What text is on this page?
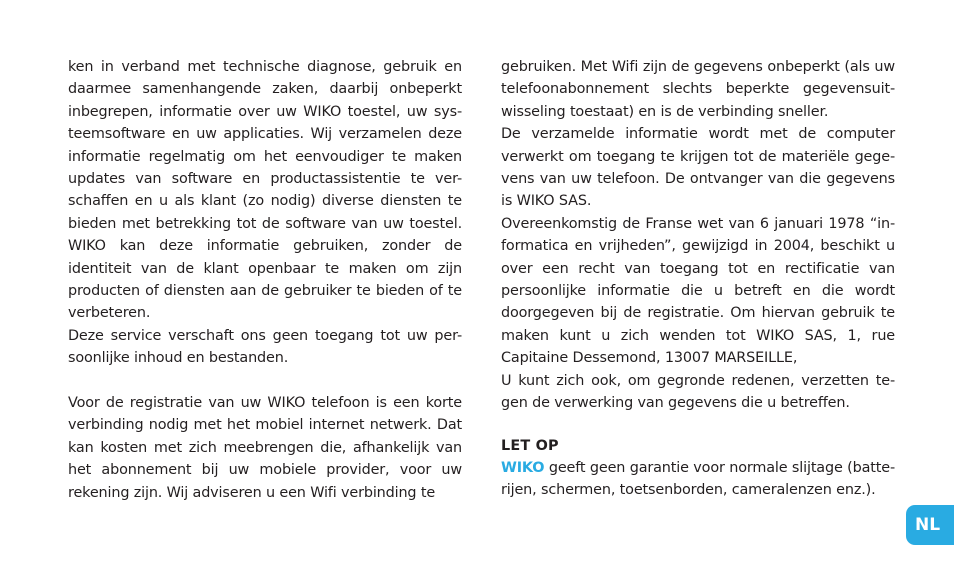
ken in verband met technische diagnose, gebruik en daarmee samenhangende zaken, daarbij onbeperkt inbegrepen, informatie over uw WIKO toestel, uw sys-teemsoftware en uw applicaties. Wij verzamelen deze informatie regelmatig om het eenvoudiger te maken updates van software en productassistentie te ver-schaffen en u als klant (zo nodig) diverse diensten te bieden met betrekking tot de software van uw toestel. WIKO kan deze informatie gebruiken, zonder de identiteit van de klant openbaar te maken om zijn producten of diensten aan de gebruiker te bieden of te verbeteren.

Deze service verschaft ons geen toegang tot uw per-soonlijke inhoud en bestanden.

Voor de registratie van uw WIKO telefoon is een korte verbinding nodig met het mobiel internet netwerk. Dat kan kosten met zich meebrengen die, afhankelijk van het abonnement bij uw mobiele provider, voor uw rekening zijn. Wij adviseren u een Wifi verbinding te

gebruiken. Met Wifi zijn de gegevens onbeperkt (als uw telefoonabonnement slechts beperkte gegevensuit-wisseling toestaat) en is de verbinding sneller.

De verzamelde informatie wordt met de computer verwerkt om toegang te krijgen tot de materiële gege-vens van uw telefoon. De ontvanger van die gegevens is WIKO SAS.

Overeenkomstig de Franse wet van 6 januari 1978 “in-formatica en vrijheden”, gewijzigd in 2004, beschikt u over een recht van toegang tot en rectificatie van persoonlijke informatie die u betreft en die wordt doorgegeven bij de registratie. Om hiervan gebruik te maken kunt u zich wenden tot WIKO SAS, 1, rue Capitaine Dessemond, 13007 MARSEILLE,

U kunt zich ook, om gegronde redenen, verzetten te-gen de verwerking van gegevens die u betreffen.

LET OP

WIKO geeft geen garantie voor normale slijtage (batte-rijen, schermen, toetsenborden, cameralenzen enz.).

NL
